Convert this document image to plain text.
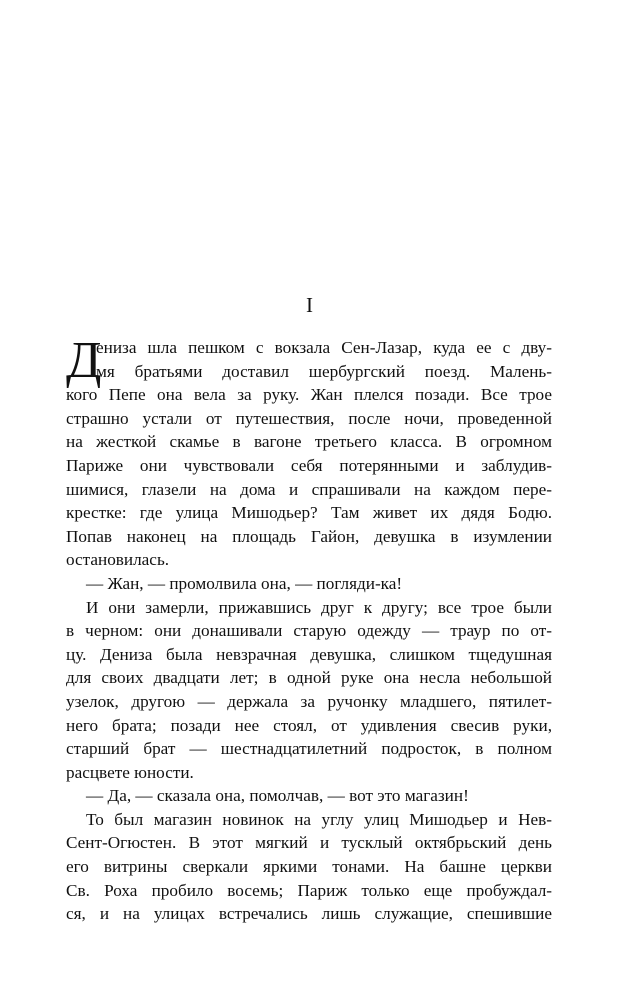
I
Д
ениза шла пешком с вокзала Сен-Лазар, куда ее с дву-
мя братьями доставил шербургский поезд. Малень-
кого Пепе она вела за руку. Жан плелся позади. Все трое
страшно устали от путешествия, после ночи, проведенной
на жесткой скамье в вагоне третьего класса. В огромном
Париже они чувствовали себя потерянными и заблудив-
шимися, глазели на дома и спрашивали на каждом пере-
крестке: где улица Мишодьер? Там живет их дядя Бодю.
Попав наконец на площадь Гайон, девушка в изумлении
остановилась.
— Жан, — промолвила она, — погляди-ка!
И они замерли, прижавшись друг к другу; все трое были
в черном: они донашивали старую одежду — траур по от-
цу. Дениза была невзрачная девушка, слишком тщедушная
для своих двадцати лет; в одной руке она несла небольшой
узелок, другою — держала за ручонку младшего, пятилет-
него брата; позади нее стоял, от удивления свесив руки,
старший брат — шестнадцатилетний подросток, в полном
расцвете юности.
— Да, — сказала она, помолчав, — вот это магазин!
То был магазин новинок на углу улиц Мишодьер и Нев-
Сент-Огюстен. В этот мягкий и тусклый октябрьский день
его витрины сверкали яркими тонами. На башне церкви
Св. Роха пробило восемь; Париж только еще пробуждал-
ся, и на улицах встречались лишь служащие, спешившие
